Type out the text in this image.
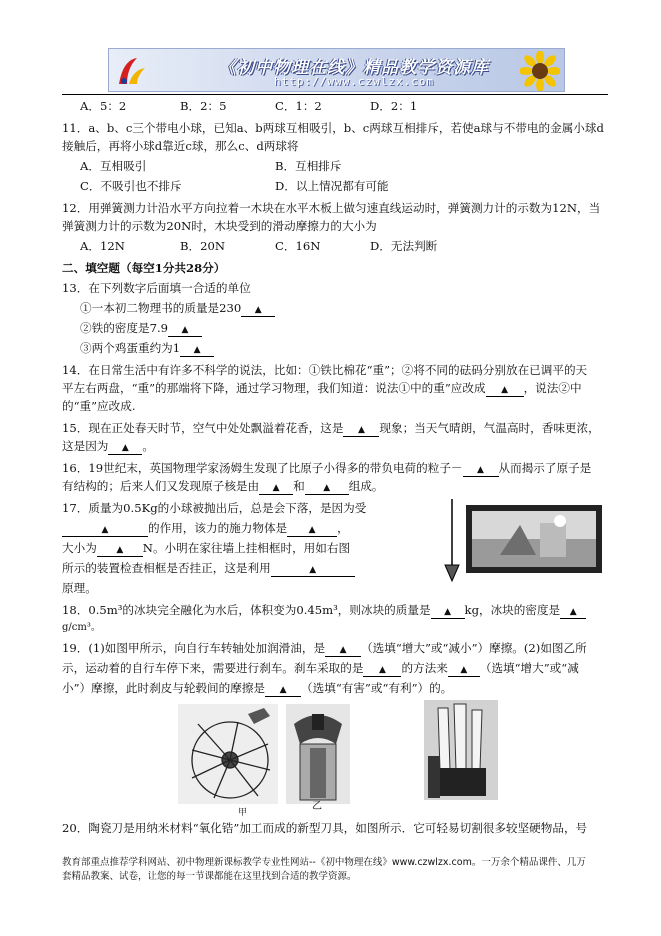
《初中物理在线》精品教学资源库
http://www.czwlzx.com
A．5：2	B．2：5	C．1：2	D．2：1
11．a、b、c三个带电小球，已知a、b两球互相吸引，b、c两球互相排斥，若使a球与不带电的金属小球d
接触后，再将小球d靠近c球，那么c、d两球将
A．互相吸引	B．互相排斥
C．不吸引也不排斥	D．以上情况都有可能
12．用弹簧测力计沿水平方向拉着一木块在水平木板上做匀速直线运动时，弹簧测力计的示数为12N，当
弹簧测力计的示数为20N时，木块受到的滑动摩擦力的大小为
A．12N	B．20N	C．16N	D．无法判断
二、填空题（每空1分共28分）
13．在下列数字后面填一合适的单位
①一本初二物理书的质量是230 ▲
②铁的密度是7.9 ▲
③两个鸡蛋重约为1 ▲
14．在日常生活中有许多不科学的说法，比如：①铁比棉花“重”；②将不同的砝码分别放在已调平的天
平左右两盘，“重”的那端将下降，通过学习物理，我们知道：说法①中的重”应改成 ▲ ，说法②中
的“重”应改成.
15．现在正处春天时节，空气中处处飘溢着花香，这是 ▲ 现象；当天气晴朗，气温高时，香味更浓，
这是因为 ▲ 。
16．19世纪末，英国物理学家汤姆生发现了比原子小得多的带负电荷的粒子－ ▲ 从而揭示了原子是
有结构的；后来人们又发现原子核是由 ▲ 和 ▲ 组成。
17．质量为0.5Kg的小球被抛出后，总是会下落，是因为受
▲	的作用，该力的施力物体是 ▲ ，
大小为 ▲ N。小明在家往墙上挂相框时，用如右图
所示的装置检查相框是否挂正，这是利用	▲
原理。
18．0.5m³的冰块完全融化为水后，体积变为0.45m³，则冰块的质量是 ▲ kg，冰块的密度是 ▲
g/cm³。
19．(1)如图甲所示，向自行车转轴处加润滑油，是 ▲ （选填“增大”或“减小”）摩擦。(2)如图乙所
示，运动着的自行车停下来，需要进行刹车。刹车采取的是 ▲ 的方法来 ▲ （选填“增大”或“减
小”）摩擦，此时刹皮与轮毂间的摩擦是 ▲ （选填“有害”或“有利”）的。
甲
乙
20．陶瓷刀是用纳米材料“氧化锆”加工而成的新型刀具，如图所示．它可轻易切割很多较坚硬物品，号
教育部重点推荐学科网站、初中物理新课标教学专业性网站--《初中物理在线》www.czwlzx.com。一万余个精品课件、几万
套精品教案、试卷，让您的每一节课都能在这里找到合适的教学资源。
